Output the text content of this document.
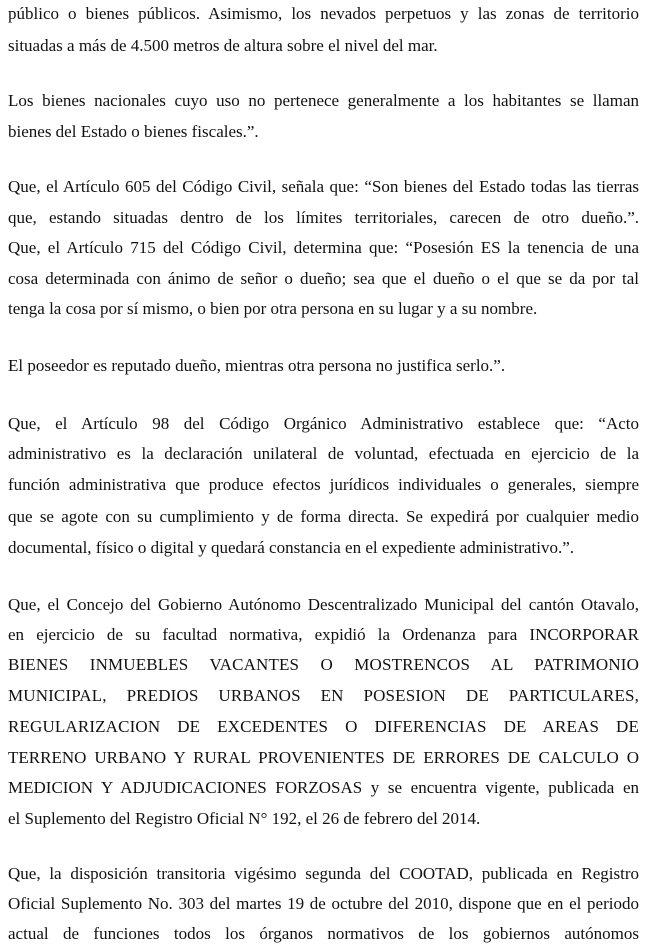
público o bienes públicos. Asimismo, los nevados perpetuos y las zonas de territorio
situadas a más de 4.500 metros de altura sobre el nivel del mar.
Los bienes nacionales cuyo uso no pertenece generalmente a los habitantes se llaman
bienes del Estado o bienes fiscales.”.
Que, el Artículo 605 del Código Civil, señala que: “Son bienes del Estado todas las tierras
que, estando situadas dentro de los límites territoriales, carecen de otro dueño.”.
Que, el Artículo 715 del Código Civil, determina que: “Posesión ES la tenencia de una
cosa determinada con ánimo de señor o dueño; sea que el dueño o el que se da por tal
tenga la cosa por sí mismo, o bien por otra persona en su lugar y a su nombre.
El poseedor es reputado dueño, mientras otra persona no justifica serlo.”.
Que, el Artículo 98 del Código Orgánico Administrativo establece que: “Acto
administrativo es la declaración unilateral de voluntad, efectuada en ejercicio de la
función administrativa que produce efectos jurídicos individuales o generales, siempre
que se agote con su cumplimiento y de forma directa. Se expedirá por cualquier medio
documental, físico o digital y quedará constancia en el expediente administrativo.”.
Que, el Concejo del Gobierno Autónomo Descentralizado Municipal del cantón Otavalo,
en ejercicio de su facultad normativa, expidió la Ordenanza para INCORPORAR
BIENES INMUEBLES VACANTES O MOSTRENCOS AL PATRIMONIO
MUNICIPAL, PREDIOS URBANOS EN POSESION DE PARTICULARES,
REGULARIZACION DE EXCEDENTES O DIFERENCIAS DE AREAS DE
TERRENO URBANO Y RURAL PROVENIENTES DE ERRORES DE CALCULO O
MEDICION Y ADJUDICACIONES FORZOSAS y se encuentra vigente, publicada en
el Suplemento del Registro Oficial N° 192, el 26 de febrero del 2014.
Que, la disposición transitoria vigésimo segunda del COOTAD, publicada en Registro
Oficial Suplemento No. 303 del martes 19 de octubre del 2010, dispone que en el periodo
actual de funciones todos los órganos normativos de los gobiernos autónomos
